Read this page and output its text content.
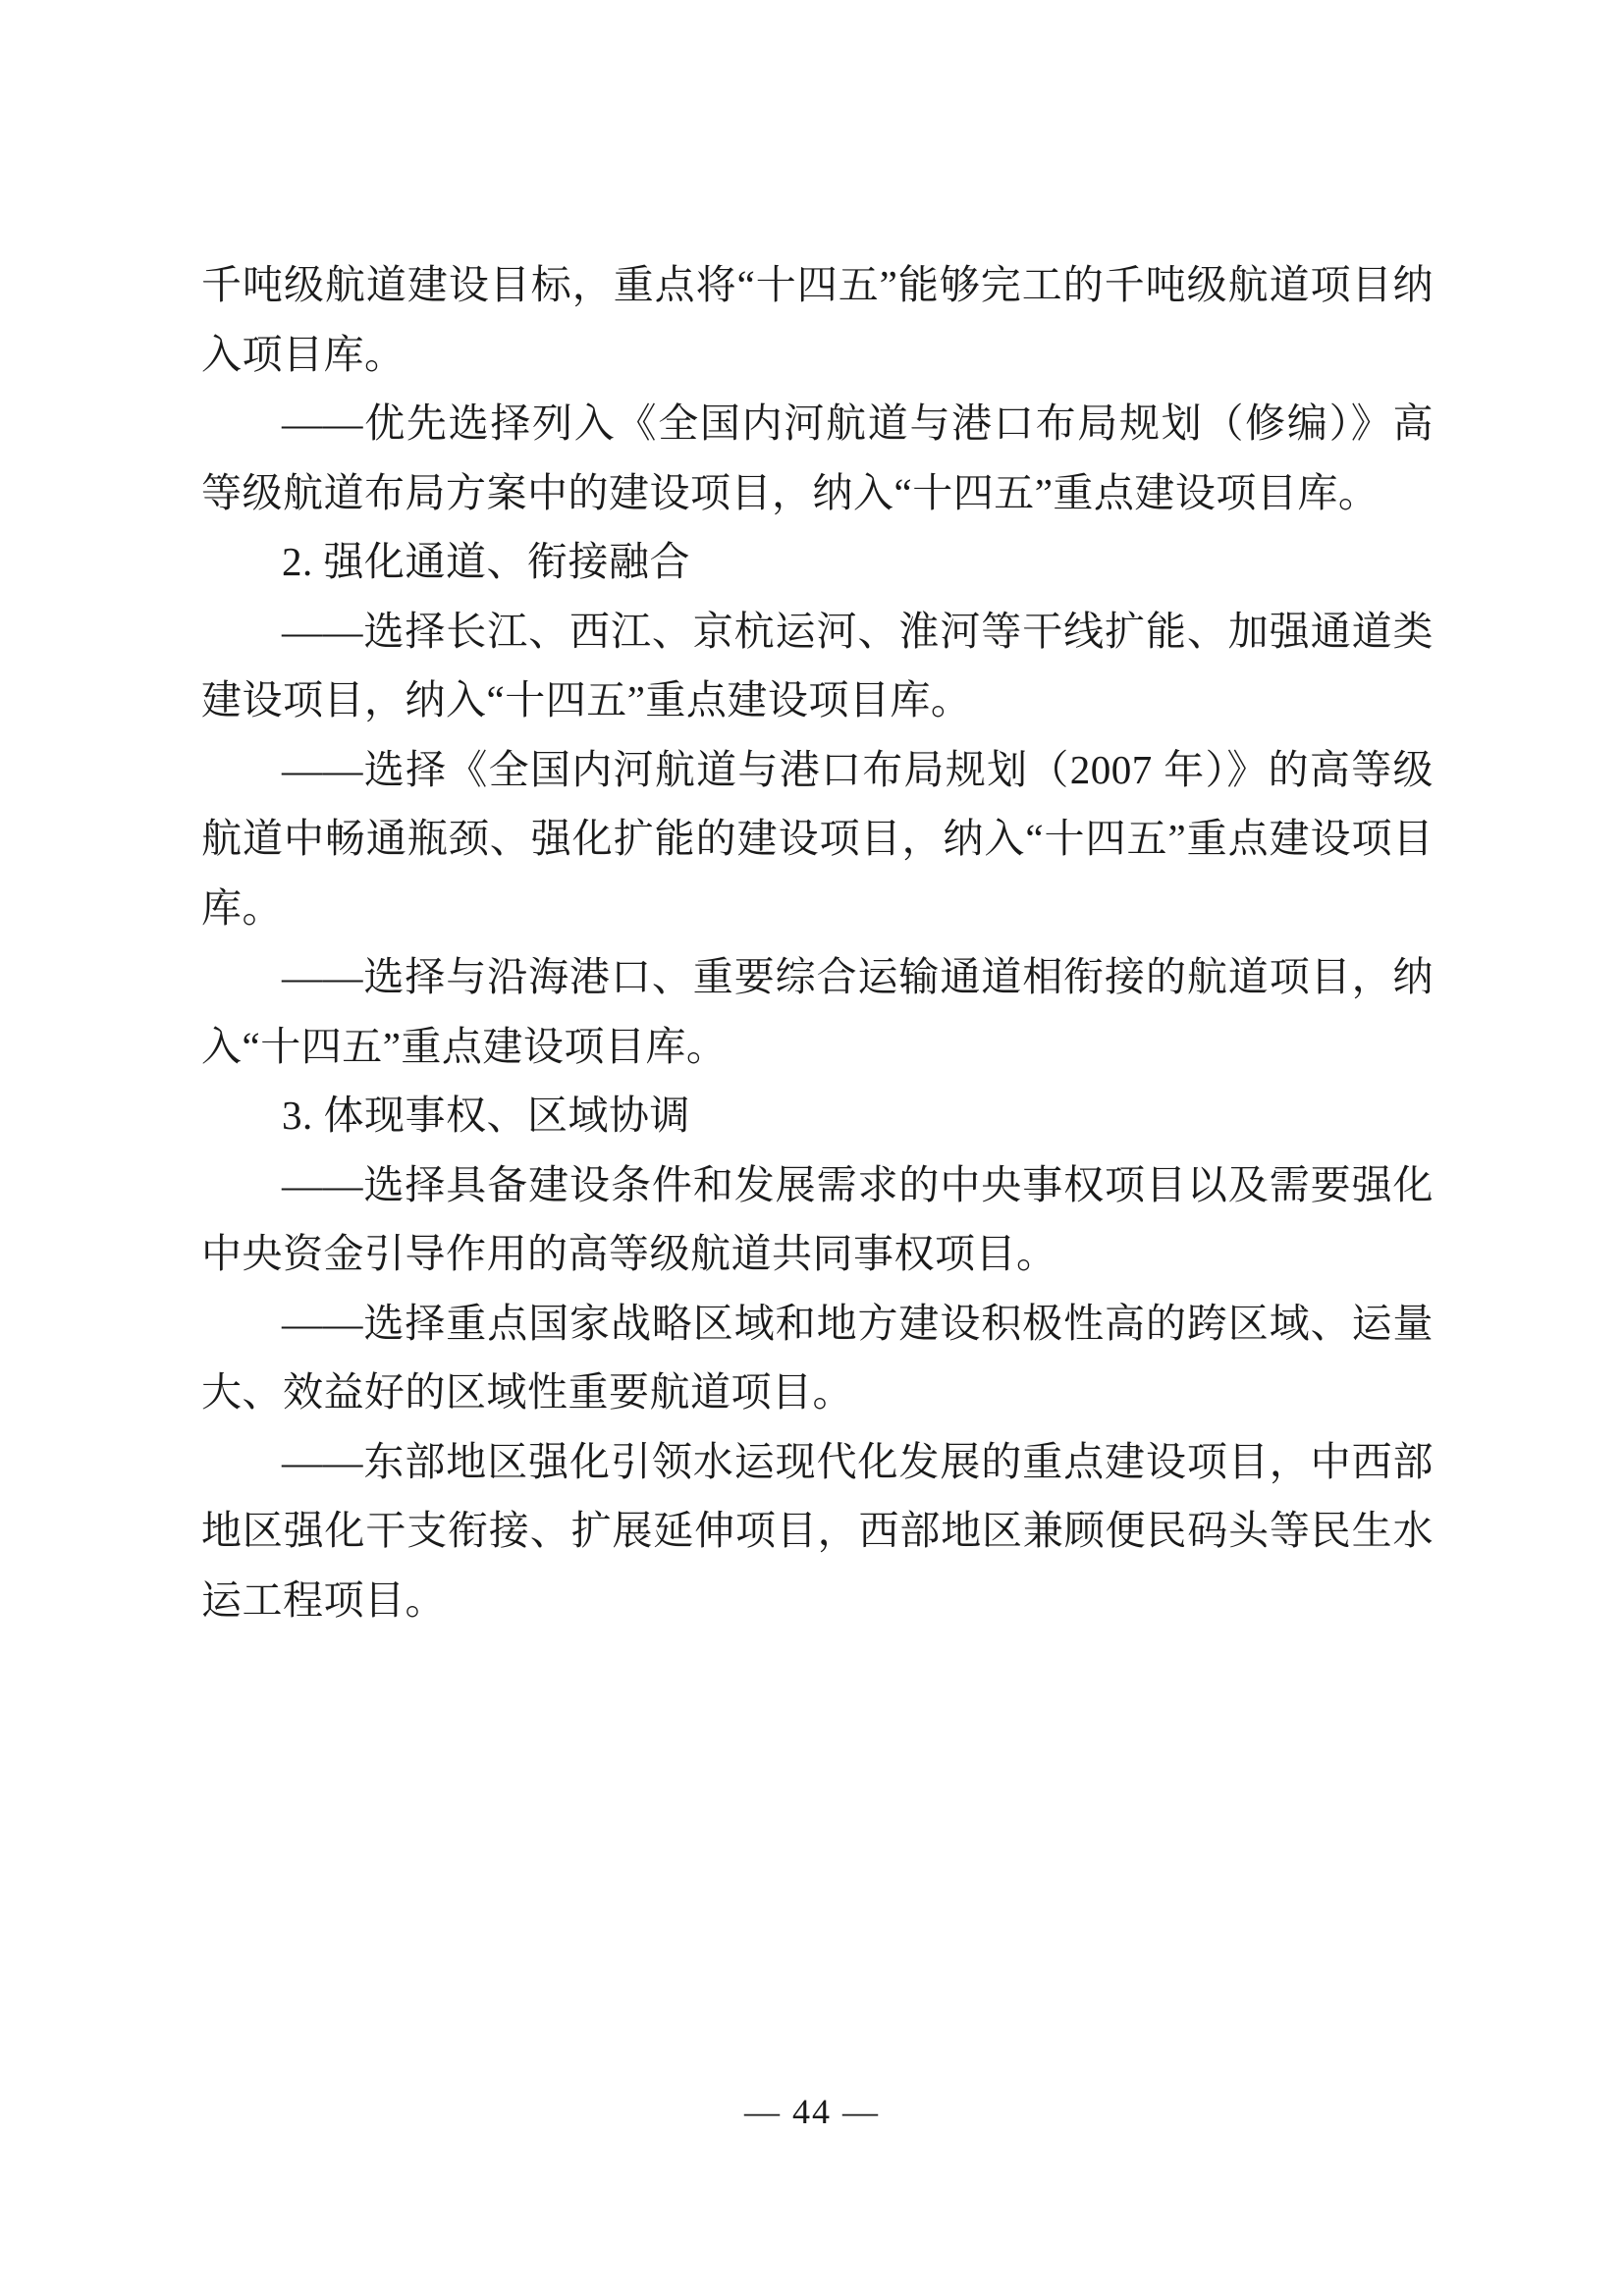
千吨级航道建设目标，重点将“十四五”能够完工的千吨级航道项目纳入项目库。

——优先选择列入《全国内河航道与港口布局规划（修编）》高等级航道布局方案中的建设项目，纳入“十四五”重点建设项目库。

2. 强化通道、衔接融合

——选择长江、西江、京杭运河、淮河等干线扩能、加强通道类建设项目，纳入“十四五”重点建设项目库。

——选择《全国内河航道与港口布局规划（2007 年）》的高等级航道中畅通瓶颈、强化扩能的建设项目，纳入“十四五”重点建设项目库。

——选择与沿海港口、重要综合运输通道相衔接的航道项目，纳入“十四五”重点建设项目库。

3. 体现事权、区域协调

——选择具备建设条件和发展需求的中央事权项目以及需要强化中央资金引导作用的高等级航道共同事权项目。

——选择重点国家战略区域和地方建设积极性高的跨区域、运量大、效益好的区域性重要航道项目。

——东部地区强化引领水运现代化发展的重点建设项目，中西部地区强化干支衔接、扩展延伸项目，西部地区兼顾便民码头等民生水运工程项目。

— 44 —
